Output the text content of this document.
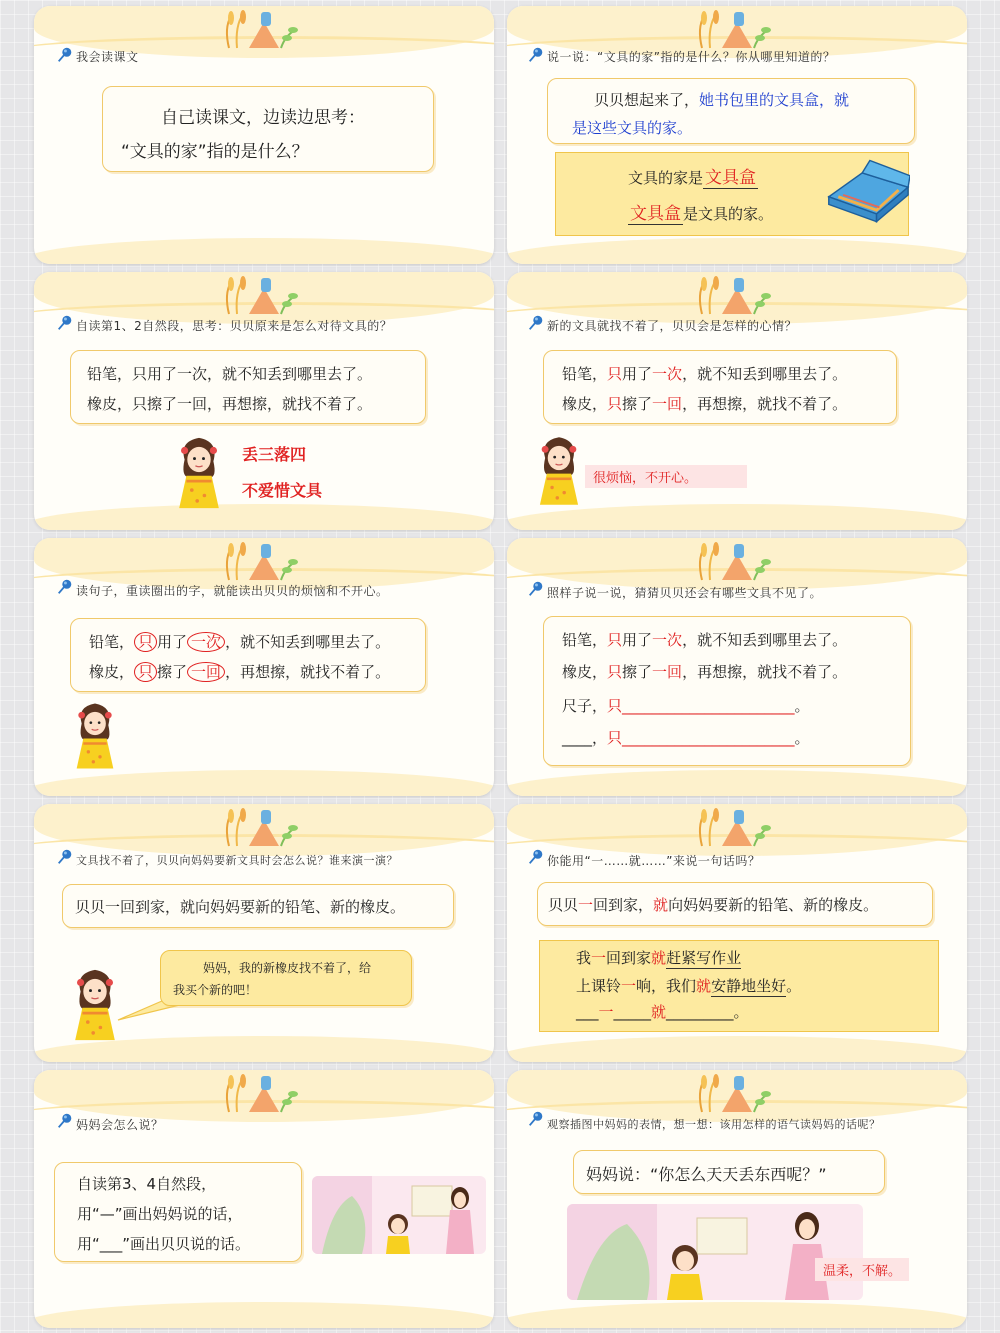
我会读课文
自己读课文，边读边思考：
“文具的家”指的是什么？
说一说：“文具的家”指的是什么？你从哪里知道的？
贝贝想起来了，她书包里的文具盒，就
是这些文具的家。
文具的家是 文具盒
文具盒 是文具的家。
自读第1、2自然段，思考：贝贝原来是怎么对待文具的？
铅笔，只用了一次，就不知丢到哪里去了。
橡皮，只擦了一回，再想擦，就找不着了。
丢三落四
不爱惜文具
新的文具就找不着了，贝贝会是怎样的心情？
铅笔，只用了一次，就不知丢到哪里去了。
橡皮，只擦了一回，再想擦，就找不着了。
很烦恼，不开心。
读句子，重读圈出的字，就能读出贝贝的烦恼和不开心。
铅笔， 只 用了 一次 ，就不知丢到哪里去了。
橡皮， 只 擦了 一回 ，再想擦，就找不着了。
照样子说一说，猜猜贝贝还会有哪些文具不见了。
铅笔，只用了一次，就不知丢到哪里去了。
橡皮，只擦了一回，再想擦，就找不着了。
尺子，只_______________________。
____，只_______________________。
文具找不着了，贝贝向妈妈要新文具时会怎么说？谁来演一演？
贝贝一回到家，就向妈妈要新的铅笔、新的橡皮。
妈妈，我的新橡皮找不着了，给
我买个新的吧！
你能用“一……就……”来说一句话吗？
贝贝一回到家，就向妈妈要新的铅笔、新的橡皮。
我一回到家就赶紧写作业
上课铃一响，我们就安静地坐好。
___一_____就_________。
妈妈会怎么说？
自读第3、4自然段，
用“—”画出妈妈说的话，
用“___”画出贝贝说的话。
观察插图中妈妈的表情，想一想：该用怎样的语气读妈妈的话呢？
妈妈说：“你怎么天天丢东西呢？”
温柔，不解。
